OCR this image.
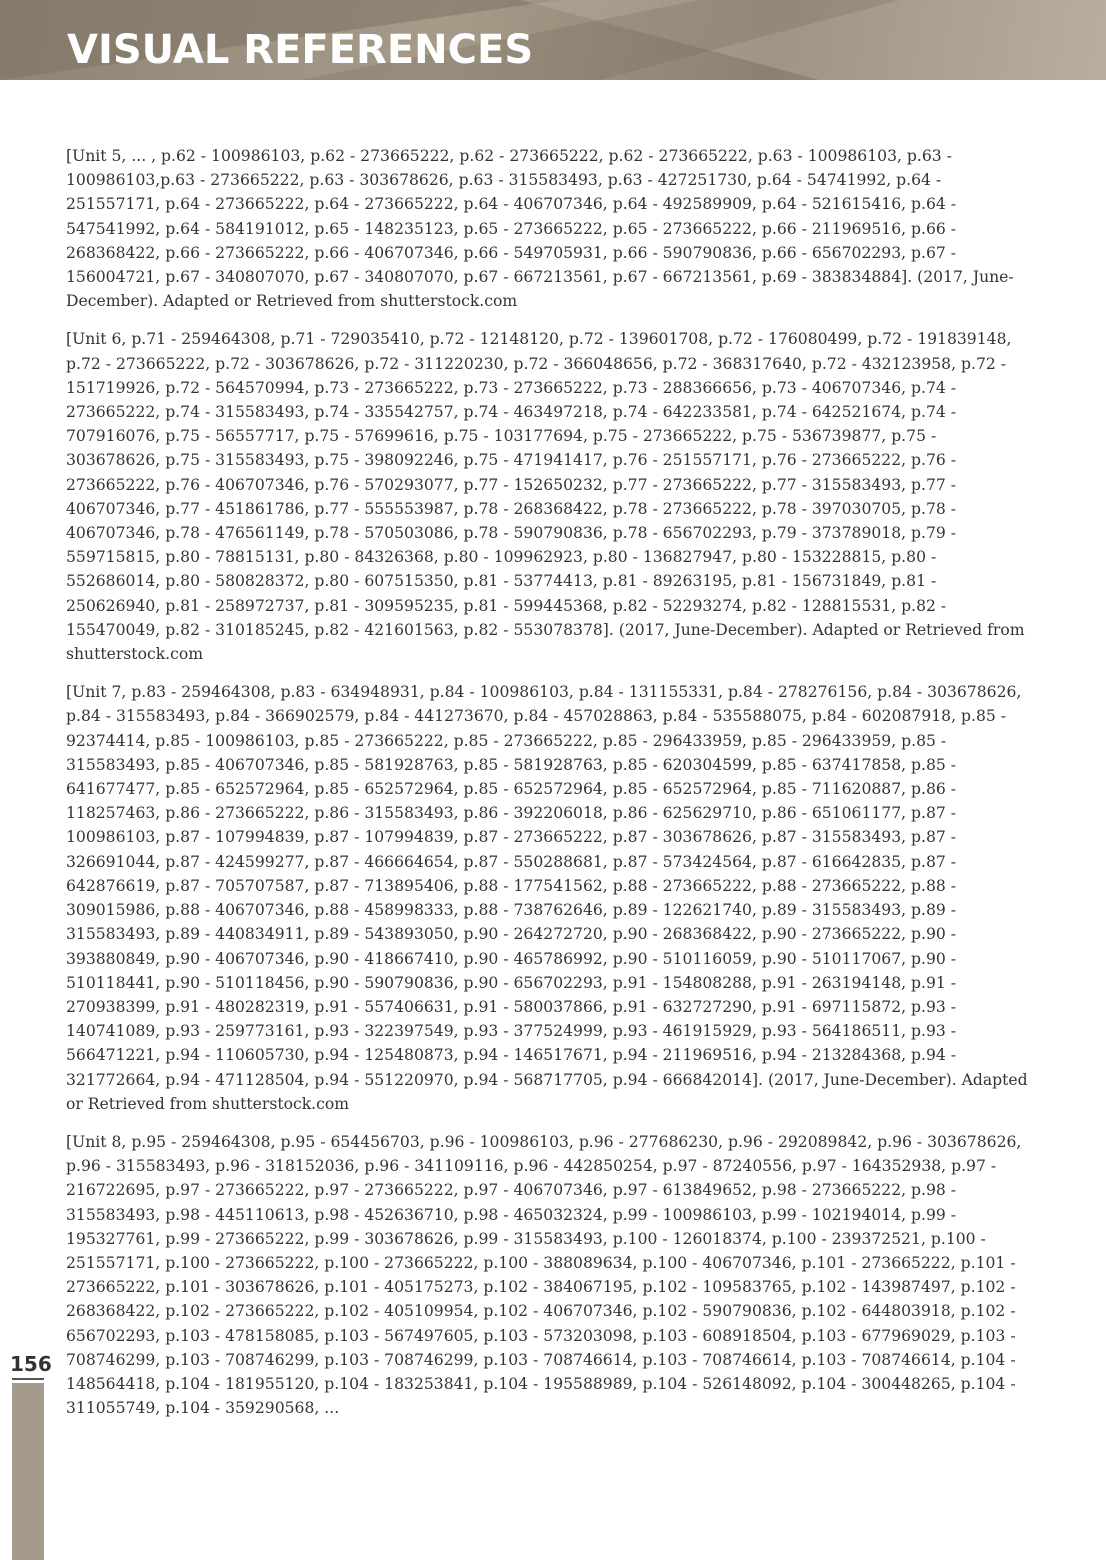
VISUAL REFERENCES

[Unit 5, ... , p.62 - 100986103, p.62 - 273665222, p.62 - 273665222, p.62 - 273665222, p.63 - 100986103, p.63 - 100986103,p.63 - 273665222, p.63 - 303678626, p.63 - 315583493, p.63 - 427251730, p.64 - 54741992, p.64 - 251557171, p.64 - 273665222, p.64 - 273665222, p.64 - 406707346, p.64 - 492589909, p.64 - 521615416, p.64 - 547541992, p.64 - 584191012, p.65 - 148235123, p.65 - 273665222, p.65 - 273665222, p.66 - 211969516, p.66 - 268368422, p.66 - 273665222, p.66 - 406707346, p.66 - 549705931, p.66 - 590790836, p.66 - 656702293, p.67 - 156004721, p.67 - 340807070, p.67 - 340807070, p.67 - 667213561, p.67 - 667213561, p.69 - 383834884]. (2017, June-December). Adapted or Retrieved from shutterstock.com

[Unit 6, p.71 - 259464308, p.71 - 729035410, p.72 - 12148120, p.72 - 139601708, p.72 - 176080499, p.72 - 191839148, p.72 - 273665222, p.72 - 303678626, p.72 - 311220230, p.72 - 366048656, p.72 - 368317640, p.72 - 432123958, p.72 - 151719926, p.72 - 564570994, p.73 - 273665222, p.73 - 273665222, p.73 - 288366656, p.73 - 406707346, p.74 - 273665222, p.74 - 315583493, p.74 - 335542757, p.74 - 463497218, p.74 - 642233581, p.74 - 642521674, p.74 - 707916076, p.75 - 56557717, p.75 - 57699616, p.75 - 103177694, p.75 - 273665222, p.75 - 536739877, p.75 - 303678626, p.75 - 315583493, p.75 - 398092246, p.75 - 471941417, p.76 - 251557171, p.76 - 273665222, p.76 - 273665222, p.76 - 406707346, p.76 - 570293077, p.77 - 152650232, p.77 - 273665222, p.77 - 315583493, p.77 - 406707346, p.77 - 451861786, p.77 - 555553987, p.78 - 268368422, p.78 - 273665222, p.78 - 397030705, p.78 - 406707346, p.78 - 476561149, p.78 - 570503086, p.78 - 590790836, p.78 - 656702293, p.79 - 373789018, p.79 - 559715815, p.80 - 78815131, p.80 - 84326368, p.80 - 109962923, p.80 - 136827947, p.80 - 153228815, p.80 - 552686014, p.80 - 580828372, p.80 - 607515350, p.81 - 53774413, p.81 - 89263195, p.81 - 156731849, p.81 - 250626940, p.81 - 258972737, p.81 - 309595235, p.81 - 599445368, p.82 - 52293274, p.82 - 128815531, p.82 - 155470049, p.82 - 310185245, p.82 - 421601563, p.82 - 553078378]. (2017, June-December). Adapted or Retrieved from shutterstock.com

[Unit 7, p.83 - 259464308, p.83 - 634948931, p.84 - 100986103, p.84 - 131155331, p.84 - 278276156, p.84 - 303678626, p.84 - 315583493, p.84 - 366902579, p.84 - 441273670, p.84 - 457028863, p.84 - 535588075, p.84 - 602087918, p.85 - 92374414, p.85 - 100986103, p.85 - 273665222, p.85 - 273665222, p.85 - 296433959, p.85 - 296433959, p.85 - 315583493, p.85 - 406707346, p.85 - 581928763, p.85 - 581928763, p.85 - 620304599, p.85 - 637417858, p.85 - 641677477, p.85 - 652572964, p.85 - 652572964, p.85 - 652572964, p.85 - 652572964, p.85 - 711620887, p.86 - 118257463, p.86 - 273665222, p.86 - 315583493, p.86 - 392206018, p.86 - 625629710, p.86 - 651061177, p.87 - 100986103, p.87 - 107994839, p.87 - 107994839, p.87 - 273665222, p.87 - 303678626, p.87 - 315583493, p.87 - 326691044, p.87 - 424599277, p.87 - 466664654, p.87 - 550288681, p.87 - 573424564, p.87 - 616642835, p.87 - 642876619, p.87 - 705707587, p.87 - 713895406, p.88 - 177541562, p.88 - 273665222, p.88 - 273665222, p.88 - 309015986, p.88 - 406707346, p.88 - 458998333, p.88 - 738762646, p.89 - 122621740, p.89 - 315583493, p.89 - 315583493, p.89 - 440834911, p.89 - 543893050, p.90 - 264272720, p.90 - 268368422, p.90 - 273665222, p.90 - 393880849, p.90 - 406707346, p.90 - 418667410, p.90 - 465786992, p.90 - 510116059, p.90 - 510117067, p.90 - 510118441, p.90 - 510118456, p.90 - 590790836, p.90 - 656702293, p.91 - 154808288, p.91 - 263194148, p.91 - 270938399, p.91 - 480282319, p.91 - 557406631, p.91 - 580037866, p.91 - 632727290, p.91 - 697115872, p.93 - 140741089, p.93 - 259773161, p.93 - 322397549, p.93 - 377524999, p.93 - 461915929, p.93 - 564186511, p.93 - 566471221, p.94 - 110605730, p.94 - 125480873, p.94 - 146517671, p.94 - 211969516, p.94 - 213284368, p.94 - 321772664, p.94 - 471128504, p.94 - 551220970, p.94 - 568717705, p.94 - 666842014]. (2017, June-December). Adapted or Retrieved from shutterstock.com

[Unit 8, p.95 - 259464308, p.95 - 654456703, p.96 - 100986103, p.96 - 277686230, p.96 - 292089842, p.96 - 303678626, p.96 - 315583493, p.96 - 318152036, p.96 - 341109116, p.96 - 442850254, p.97 - 87240556, p.97 - 164352938, p.97 - 216722695, p.97 - 273665222, p.97 - 273665222, p.97 - 406707346, p.97 - 613849652, p.98 - 273665222, p.98 - 315583493, p.98 - 445110613, p.98 - 452636710, p.98 - 465032324, p.99 - 100986103, p.99 - 102194014, p.99 - 195327761, p.99 - 273665222, p.99 - 303678626, p.99 - 315583493, p.100 - 126018374, p.100 - 239372521, p.100 - 251557171, p.100 - 273665222, p.100 - 273665222, p.100 - 388089634, p.100 - 406707346, p.101 - 273665222, p.101 - 273665222, p.101 - 303678626, p.101 - 405175273, p.102 - 384067195, p.102 - 109583765, p.102 - 143987497, p.102 - 268368422, p.102 - 273665222, p.102 - 405109954, p.102 - 406707346, p.102 - 590790836, p.102 - 644803918, p.102 - 656702293, p.103 - 478158085, p.103 - 567497605, p.103 - 573203098, p.103 - 608918504, p.103 - 677969029, p.103 - 708746299, p.103 - 708746299, p.103 - 708746299, p.103 - 708746614, p.103 - 708746614, p.103 - 708746614, p.104 - 148564418, p.104 - 181955120, p.104 - 183253841, p.104 - 195588989, p.104 - 526148092, p.104 - 300448265, p.104 - 311055749, p.104 - 359290568, ...

156
